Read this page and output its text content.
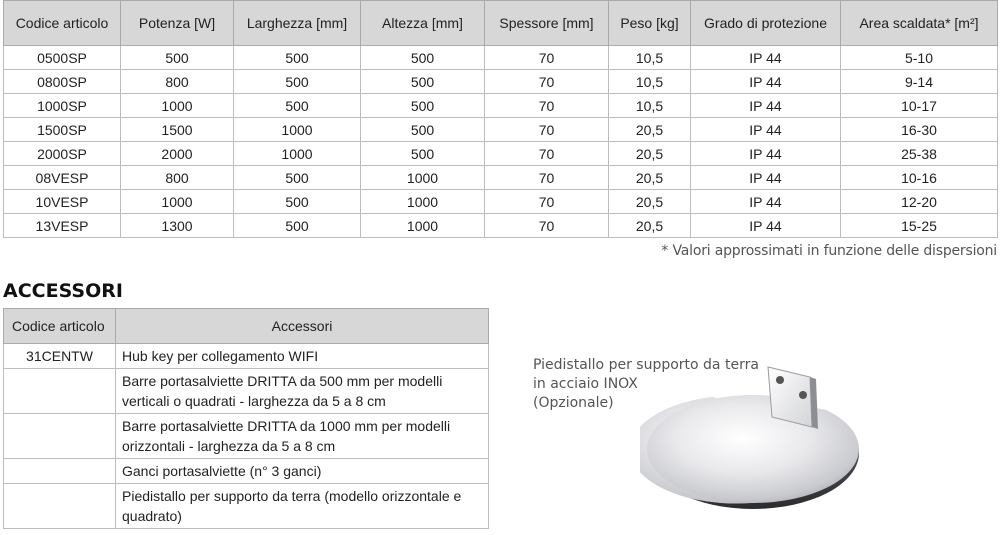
Codice articolo	Potenza [W]	Larghezza [mm]	Altezza [mm]	Spessore [mm]	Peso [kg]	Grado di protezione	Area scaldata* [m²]
0500SP	500	500	500	70	10,5	IP 44	5-10
0800SP	800	500	500	70	10,5	IP 44	9-14
1000SP	1000	500	500	70	10,5	IP 44	10-17
1500SP	1500	1000	500	70	20,5	IP 44	16-30
2000SP	2000	1000	500	70	20,5	IP 44	25-38
08VESP	800	500	1000	70	20,5	IP 44	10-16
10VESP	1000	500	1000	70	20,5	IP 44	12-20
13VESP	1300	500	1000	70	20,5	IP 44	15-25
* Valori approssimati in funzione delle dispersioni
ACCESSORI
Codice articolo	Accessori
31CENTW	Hub key per collegamento WIFI
	Barre portasalviette DRITTA da 500 mm per modelli verticali o quadrati - larghezza da 5 a 8 cm
	Barre portasalviette DRITTA da 1000 mm per modelli orizzontali - larghezza da 5 a 8 cm
	Ganci portasalviette (n° 3 ganci)
	Piedistallo per supporto da terra (modello orizzontale e quadrato)
Piedistallo per supporto da terra
in acciaio INOX
(Opzionale)
